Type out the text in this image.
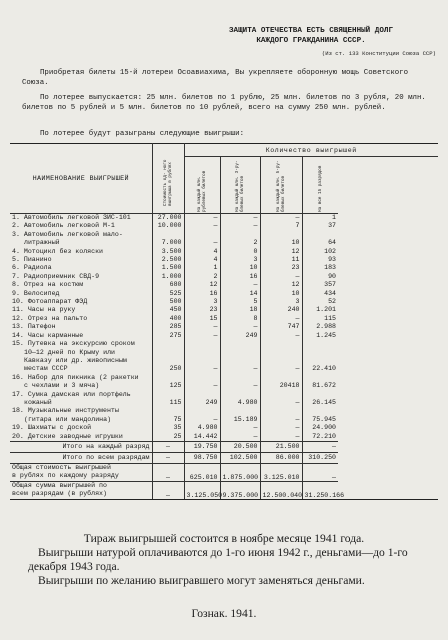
ЗАЩИТА ОТЕЧЕСТВА ЕСТЬ СВЯЩЕННЫЙ ДОЛГ
КАЖДОГО ГРАЖДАНИНА СССР.
(Из ст. 133 Конституции Союза ССР)
Приобретая билеты 15-й лотереи Осоавиахима, Вы укрепляете оборонную мощь Советского Союза.
По лотерее выпускается: 25 млн. билетов по 1 рублю, 25 млн. билетов по 3 рубля, 20 млн. билетов по 5 рублей и 5 млн. билетов по 10 рублей, всего на сумму 250 млн. рублей.
По лотерее будут разыграны следующие выигрыши:
НАИМЕНОВАНИЕ ВЫИГРЫШЕЙ	Стоимость од- ного выигрыша в рублях	Количество выигрышей			

		На каждый млн. рублевых билетов	На каждый млн. 3-ру- блевых билетов	На каждый млн. 5-ру- блевых билетов		На все 15 разрядов

1. Автомобиль легковой ЗИС-101	27.000	—	—	—		1

2. Автомобиль легковой М-1	10.000	—	—	7		37

3. Автомобиль легковой мало-
литражный	7.000	—	2	10		64

4. Мотоцикл без коляски	3.500	4	0	12		102

5. Пианино	2.500	4	3	11		93

6. Радиола	1.500	1	10	23		183

7. Радиоприемник СВД-9	1.000	2	16	—		90

8. Отрез на костюм	680	12	—	12		357

9. Велосипед	525	16	14	10		434

10. Фотоаппарат ФЭД	500	3	5	3		52

11. Часы на руку	450	23	18	240		1.201

12. Отрез на пальто	400	15	8	—		115

13. Патефон	285	—	—	747		2.988

14. Часы карманные	275	—	249	—		1.245

15. Путевка на экскурсию сроком
10—12 дней по Крыму или
Кавказу или др. живописным
местам СССР	250	—	—	—		22.410

16. Набор для пикника (2 ракетки
с чехлами и 3 мяча)	125	—	—	20418		81.672

17. Сумка дамская или портфель
кожаный	115	249	4.980	—		26.145

18. Музыкальные инструменты
(гитара или мандолина)	75	—	15.189	—		75.945

19. Шахматы с доской	35	4.980	—	—		24.900

20. Детские заводные игрушки	25	14.442	—	—		72.210

Итого на каждый разряд	—	19.750	20.500	21.500		—

Итого по всем разрядам	—	98.750	102.500	86.000		310.250

Общая стоимость выигрышей
в рублях по каждому разряду	—	625.010	1.875.000	3.125.010		—

Общая сумма выигрышей по
всем разрядам (в рублях)	—	3.125.050	9.375.000	12.500.040		31.250.166
Тираж выигрышей состоится в ноябре месяце 1941 года.
Выигрыши натурой оплачиваются до 1-го июня 1942 г., деньгами—до 1-го декабря 1943 года.
Выигрыши по желанию выигравшего могут заменяться деньгами.
Гознак. 1941.
